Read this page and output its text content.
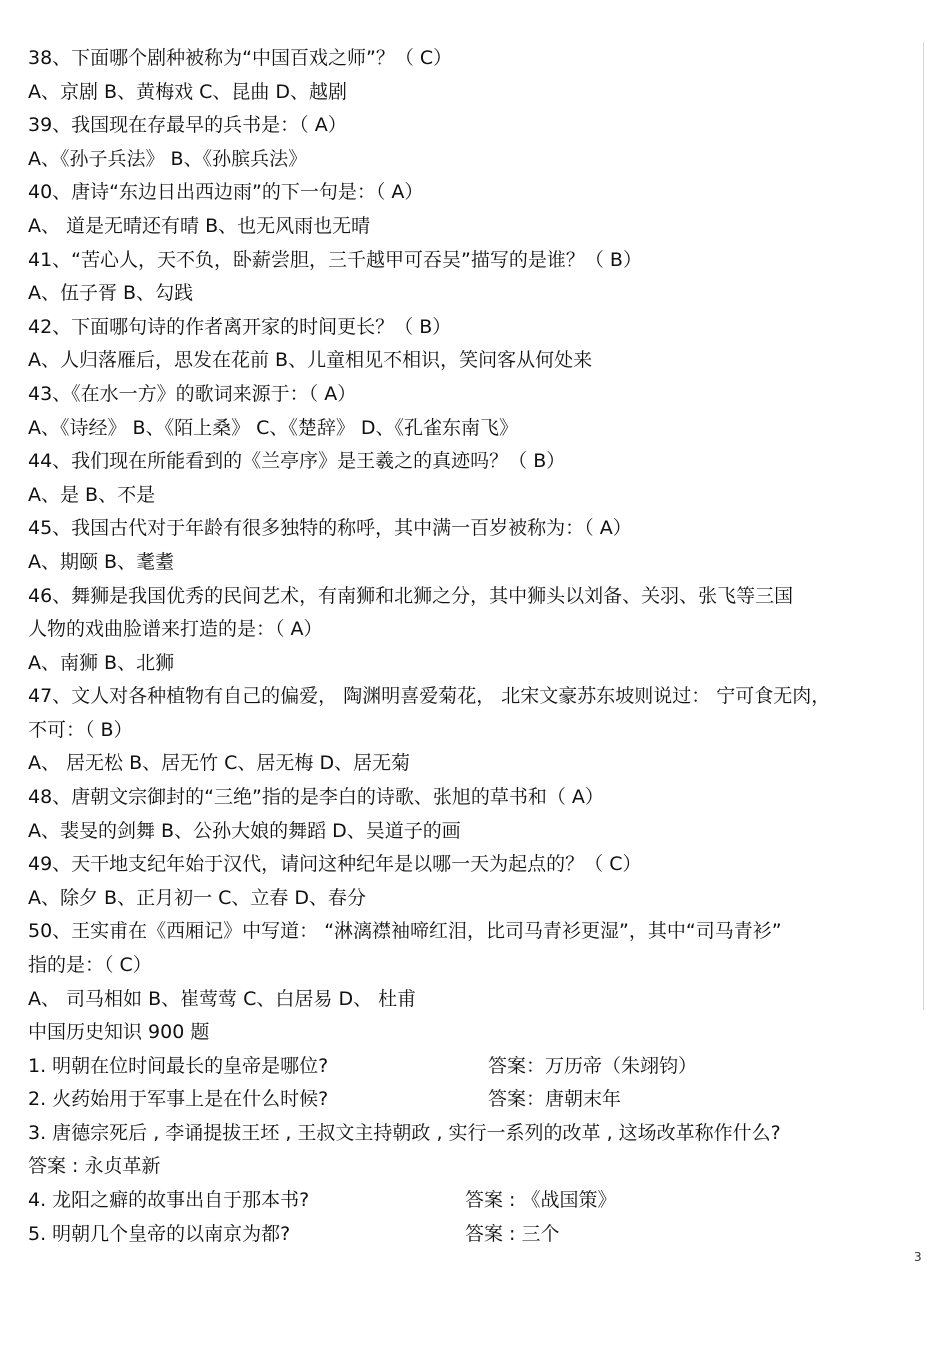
38、下面哪个剧种被称为“中国百戏之师”？（ C）
A、京剧 B、黄梅戏 C、昆曲 D、越剧
39、我国现在存最早的兵书是：（ A）
A、《孙子兵法》 B、《孙膑兵法》
40、唐诗“东边日出西边雨”的下一句是：（ A）
A、 道是无晴还有晴 B、也无风雨也无晴
41、“苦心人，天不负，卧薪尝胆，三千越甲可吞吴”描写的是谁？（ B）
A、伍子胥 B、勾践
42、下面哪句诗的作者离开家的时间更长？（ B）
A、人归落雁后，思发在花前 B、儿童相见不相识，笑问客从何处来
43、《在水一方》的歌词来源于：（ A）
A、《诗经》 B、《陌上桑》 C、《楚辞》 D、《孔雀东南飞》
44、我们现在所能看到的《兰亭序》是王羲之的真迹吗？（ B）
A、是 B、不是
45、我国古代对于年龄有很多独特的称呼，其中满一百岁被称为：（ A）
A、期颐 B、耄耋
46、舞狮是我国优秀的民间艺术，有南狮和北狮之分，其中狮头以刘备、关羽、张飞等三国
人物的戏曲脸谱来打造的是：（ A）
A、南狮 B、北狮
47、文人对各种植物有自己的偏爱， 陶渊明喜爱菊花， 北宋文豪苏东坡则说过： 宁可食无肉，
不可：（ B）
A、 居无松 B、居无竹 C、居无梅 D、居无菊
48、唐朝文宗御封的“三绝”指的是李白的诗歌、张旭的草书和（ A）
A、裴旻的剑舞 B、公孙大娘的舞蹈 D、吴道子的画
49、天干地支纪年始于汉代，请问这种纪年是以哪一天为起点的？（ C）
A、除夕 B、正月初一 C、立春 D、春分
50、王实甫在《西厢记》中写道： “淋漓襟袖啼红泪，比司马青衫更湿”，其中“司马青衫”
指的是：（ C）
A、 司马相如 B、崔莺莺 C、白居易 D、 杜甫
中国历史知识 900 题
1. 明朝在位时间最长的皇帝是哪位?	答案：万历帝（朱翊钧）
2. 火药始用于军事上是在什么时候?	答案：唐朝末年
3. 唐德宗死后 , 李诵提拔王坯 , 王叔文主持朝政 , 实行一系列的改革 , 这场改革称作什么?
答案 : 永贞革新
4. 龙阳之癖的故事出自于那本书?	答案 : 《战国策》
5. 明朝几个皇帝的以南京为都?	答案 : 三个
3
